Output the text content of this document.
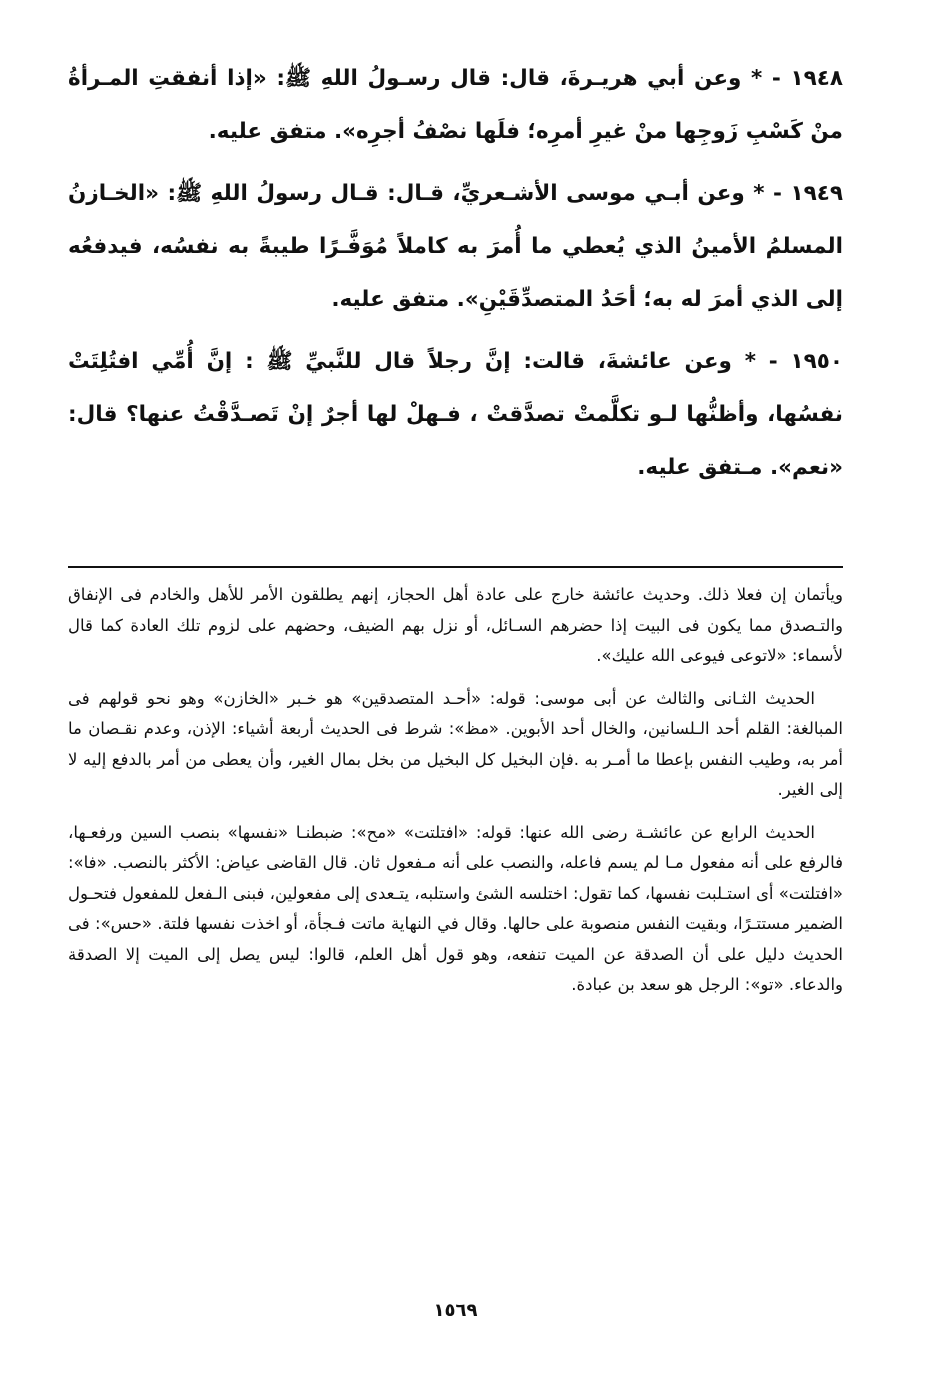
١٩٤٨ - * وعن أبي هريـرةَ، قال: قال رسـولُ اللهِ ﷺ: «إذا أنفقتِ المـرأةُ منْ كَسْبِ زَوجِها منْ غيرِ أمرِه؛ فلَها نصْفُ أجرِه». متفق عليه.

١٩٤٩ - * وعن أبـي موسى الأشـعريِّ، قـال: قـال رسولُ اللهِ ﷺ: «الخـازنُ المسلمُ الأمينُ الذي يُعطي ما أُمرَ به كاملاً مُوَفَّـرًا طيبةً به نفسُه، فيدفعُه إلى الذي أمرَ له به؛ أحَدُ المتصدِّقَيْنِ». متفق عليه.

١٩٥٠ - * وعن عائشةَ، قالت: إنَّ رجلاً قال للنَّبيِّ ﷺ : إنَّ أُمِّي افتُلِتَتْ نفسُها، وأظنُّها لـو تكلَّمتْ تصدَّقتْ ، فـهلْ لها أجرٌ إنْ تَصـدَّقْتُ عنها؟ قال: «نعم». مـتفق عليه.

ويأتمان إن فعلا ذلك. وحديث عائشة خارج على عادة أهل الحجاز، إنهم يطلقون الأمر للأهل والخادم فى الإنفاق والتـصدق مما يكون فى البيت إذا حضرهم السـائل، أو نزل بهم الضيف، وحضهم على لزوم تلك العادة كما قال لأسماء: «لاتوعى فيوعى الله عليك».

الحديث الثـانى والثالث عن أبى موسى: قوله: «أحـد المتصدقين» هو خـبر «الخازن» وهو نحو قولهم فى المبالغة: القلم أحد الـلسانين، والخال أحد الأبوين. «مظ»: شرط فى الحديث أربعة أشياء: الإذن، وعدم نقـصان ما أمر به، وطيب النفس بإعطا ما أمـر به .فإن البخيل كل البخيل من بخل بمال الغير، وأن يعطى من أمر بالدفع إليه لا إلى الغير.

الحديث الرابع عن عائشـة رضى الله عنها: قوله: «افتلتت» «مح»: ضبطنـا «نفسها» بنصب السين ورفعـها، فالرفع على أنه مفعول مـا لم يسم فاعله، والنصب على أنه مـفعول ثان. قال القاضى عياض: الأكثر بالنصب. «فا»: «افتلتت» أى استـلبت نفسها، كما تقول: اختلسه الشئ واستلبه، يتـعدى إلى مفعولين، فبنى الـفعل للمفعول فتحـول الضمير مستتـرًا، وبقيت النفس منصوبة على حالها. وقال في النهاية ماتت فـجأة، أو اخذت نفسها فلتة. «حس»: فى الحديث دليل على أن الصدقة عن الميت تنفعه، وهو قول أهل العلم، قالوا: ليس يصل إلى الميت إلا الصدقة والدعاء. «تو»: الرجل هو سعد بن عبادة.

١٥٦٩
